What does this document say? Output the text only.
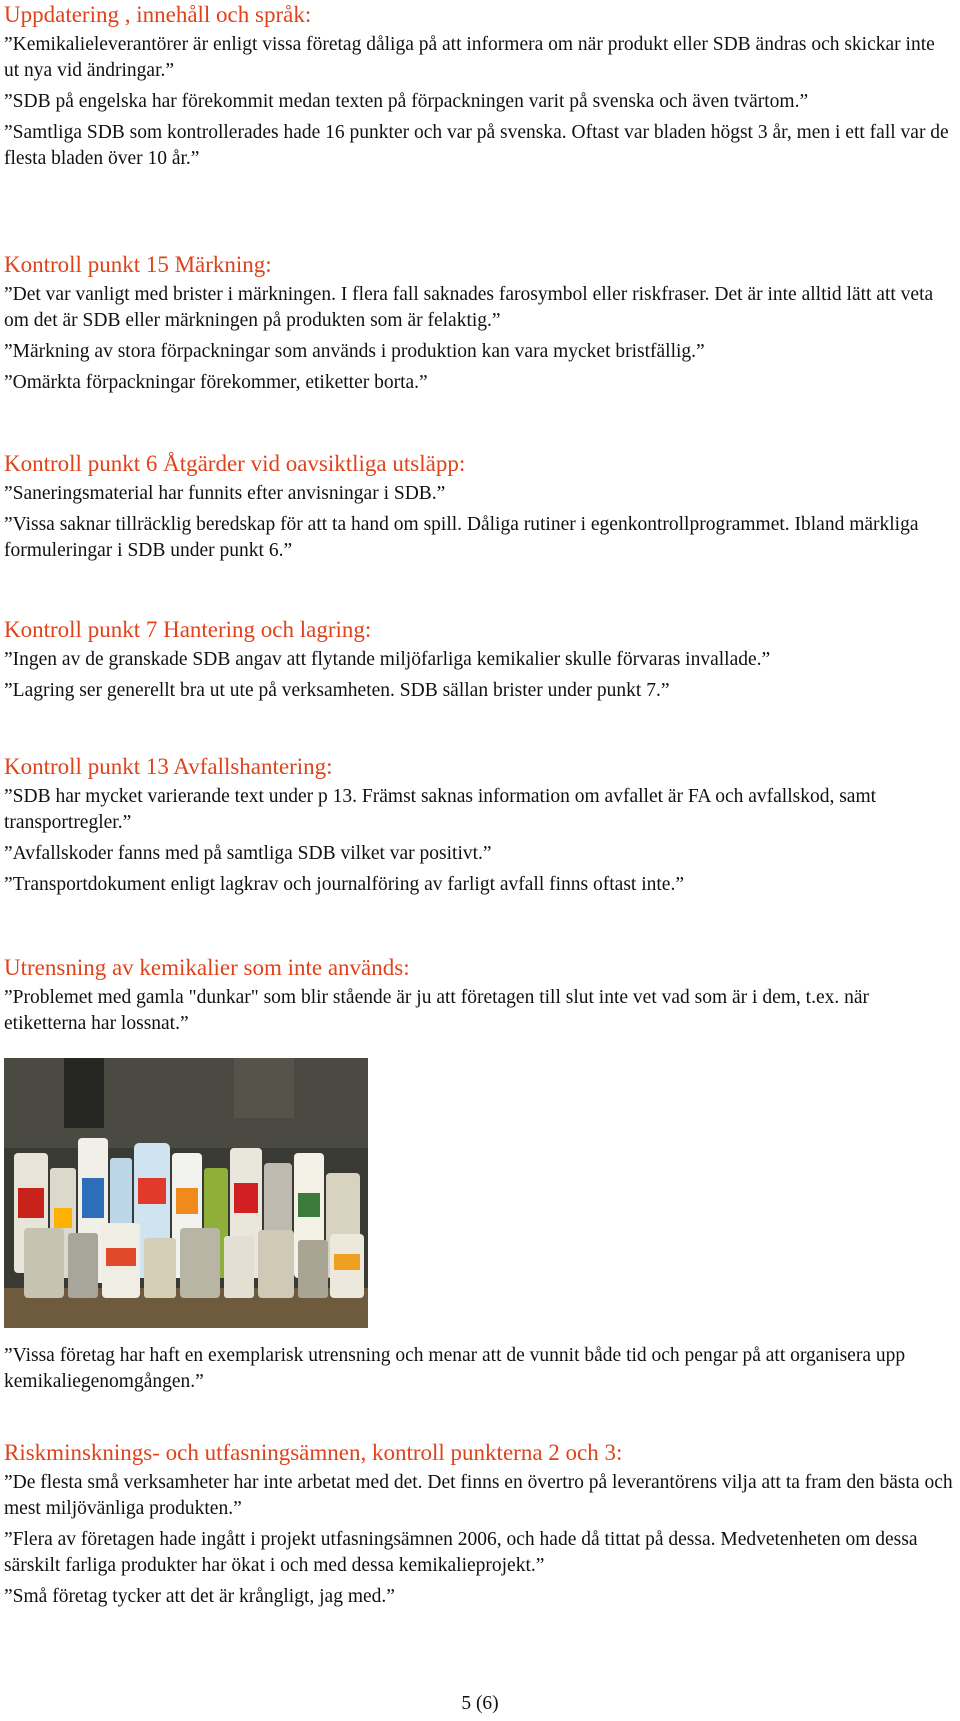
Uppdatering , innehåll och språk:

”Kemikalieleverantörer är enligt vissa företag dåliga på att informera om när produkt eller SDB ändras och skickar inte ut nya vid ändringar.”

”SDB på engelska har förekommit medan texten på förpackningen varit på svenska och även tvärtom.”

”Samtliga SDB som kontrollerades hade 16 punkter och var på svenska. Oftast var bladen högst 3 år, men i ett fall var de flesta bladen över 10 år.”

Kontroll punkt 15 Märkning:

”Det var vanligt med brister i märkningen. I flera fall saknades farosymbol eller riskfraser. Det är inte alltid lätt att veta om det är SDB eller märkningen på produkten som är felaktig.”

”Märkning av stora förpackningar som används i produktion kan vara mycket bristfällig.”

”Omärkta förpackningar förekommer, etiketter borta.”

Kontroll punkt 6 Åtgärder vid oavsiktliga utsläpp:

”Saneringsmaterial har funnits efter anvisningar i SDB.”

”Vissa saknar tillräcklig beredskap för att ta hand om spill. Dåliga rutiner i egenkontrollprogrammet. Ibland märkliga formuleringar i SDB under punkt 6.”

Kontroll punkt 7 Hantering och lagring:

”Ingen av de granskade SDB angav att flytande miljöfarliga kemikalier skulle förvaras invallade.”

”Lagring ser generellt bra ut ute på verksamheten. SDB sällan brister under punkt 7.”

Kontroll punkt 13 Avfallshantering:

”SDB har mycket varierande text under p 13. Främst saknas information om avfallet är FA och avfallskod, samt transportregler.”

”Avfallskoder fanns med på samtliga SDB vilket var positivt.”

”Transportdokument enligt lagkrav och journalföring av farligt avfall finns oftast inte.”

Utrensning av kemikalier som inte används:

”Problemet med gamla "dunkar" som blir stående är ju att företagen till slut inte vet vad som är i dem, t.ex. när etiketterna har lossnat.”

”Vissa företag har haft en exemplarisk utrensning och menar att de vunnit både tid och pengar på att organisera upp kemikaliegenomgången.”

Riskminsknings- och utfasningsämnen, kontroll punkterna 2 och 3:

”De flesta små verksamheter har inte arbetat med det. Det finns en övertro på leverantörens vilja att ta fram den bästa och mest miljövänliga produkten.”

”Flera av företagen hade ingått i projekt utfasningsämnen 2006, och hade då tittat på dessa. Medvetenheten om dessa särskilt farliga produkter har ökat i och med dessa kemikalieprojekt.”

”Små företag tycker att det är krångligt, jag med.”

5 (6)
